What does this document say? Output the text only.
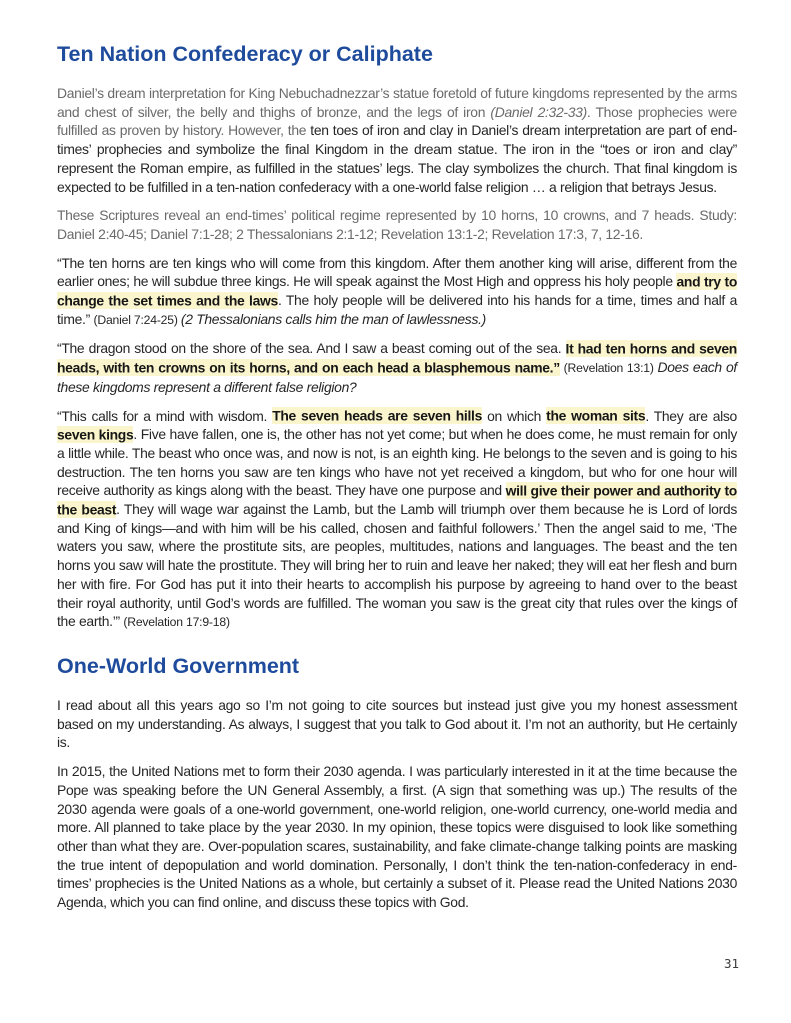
Ten Nation Confederacy or Caliphate

Daniel’s dream interpretation for King Nebuchadnezzar’s statue foretold of future kingdoms represented by the arms and chest of silver, the belly and thighs of bronze, and the legs of iron (Daniel 2:32-33). Those prophecies were fulfilled as proven by history. However, the ten toes of iron and clay in Daniel’s dream interpretation are part of end-times’ prophecies and symbolize the final Kingdom in the dream statue. The iron in the “toes or iron and clay” represent the Roman empire, as fulfilled in the statues’ legs. The clay symbolizes the church. That final kingdom is expected to be fulfilled in a ten-nation confederacy with a one-world false religion … a religion that betrays Jesus.

These Scriptures reveal an end-times’ political regime represented by 10 horns, 10 crowns, and 7 heads. Study: Daniel 2:40-45; Daniel 7:1-28; 2 Thessalonians 2:1-12; Revelation 13:1-2; Revelation 17:3, 7, 12-16.

“The ten horns are ten kings who will come from this kingdom. After them another king will arise, different from the earlier ones; he will subdue three kings. He will speak against the Most High and oppress his holy people and try to change the set times and the laws. The holy people will be delivered into his hands for a time, times and half a time.” (Daniel 7:24-25) (2 Thessalonians calls him the man of lawlessness.)

“The dragon stood on the shore of the sea. And I saw a beast coming out of the sea. It had ten horns and seven heads, with ten crowns on its horns, and on each head a blasphemous name.” (Revelation 13:1) Does each of these kingdoms represent a different false religion?

“This calls for a mind with wisdom. The seven heads are seven hills on which the woman sits. They are also seven kings. Five have fallen, one is, the other has not yet come; but when he does come, he must remain for only a little while. The beast who once was, and now is not, is an eighth king. He belongs to the seven and is going to his destruction. The ten horns you saw are ten kings who have not yet received a kingdom, but who for one hour will receive authority as kings along with the beast. They have one purpose and will give their power and authority to the beast. They will wage war against the Lamb, but the Lamb will triumph over them because he is Lord of lords and King of kings—and with him will be his called, chosen and faithful followers.’ Then the angel said to me, ‘The waters you saw, where the prostitute sits, are peoples, multitudes, nations and languages. The beast and the ten horns you saw will hate the prostitute. They will bring her to ruin and leave her naked; they will eat her flesh and burn her with fire. For God has put it into their hearts to accomplish his purpose by agreeing to hand over to the beast their royal authority, until God’s words are fulfilled. The woman you saw is the great city that rules over the kings of the earth.’” (Revelation 17:9-18)

One-World Government

I read about all this years ago so I’m not going to cite sources but instead just give you my honest assessment based on my understanding. As always, I suggest that you talk to God about it. I’m not an authority, but He certainly is.

In 2015, the United Nations met to form their 2030 agenda. I was particularly interested in it at the time because the Pope was speaking before the UN General Assembly, a first. (A sign that something was up.) The results of the 2030 agenda were goals of a one-world government, one-world religion, one-world currency, one-world media and more. All planned to take place by the year 2030. In my opinion, these topics were disguised to look like something other than what they are. Over-population scares, sustainability, and fake climate-change talking points are masking the true intent of depopulation and world domination. Personally, I don’t think the ten-nation-confederacy in end-times’ prophecies is the United Nations as a whole, but certainly a subset of it. Please read the United Nations 2030 Agenda, which you can find online, and discuss these topics with God.

31
